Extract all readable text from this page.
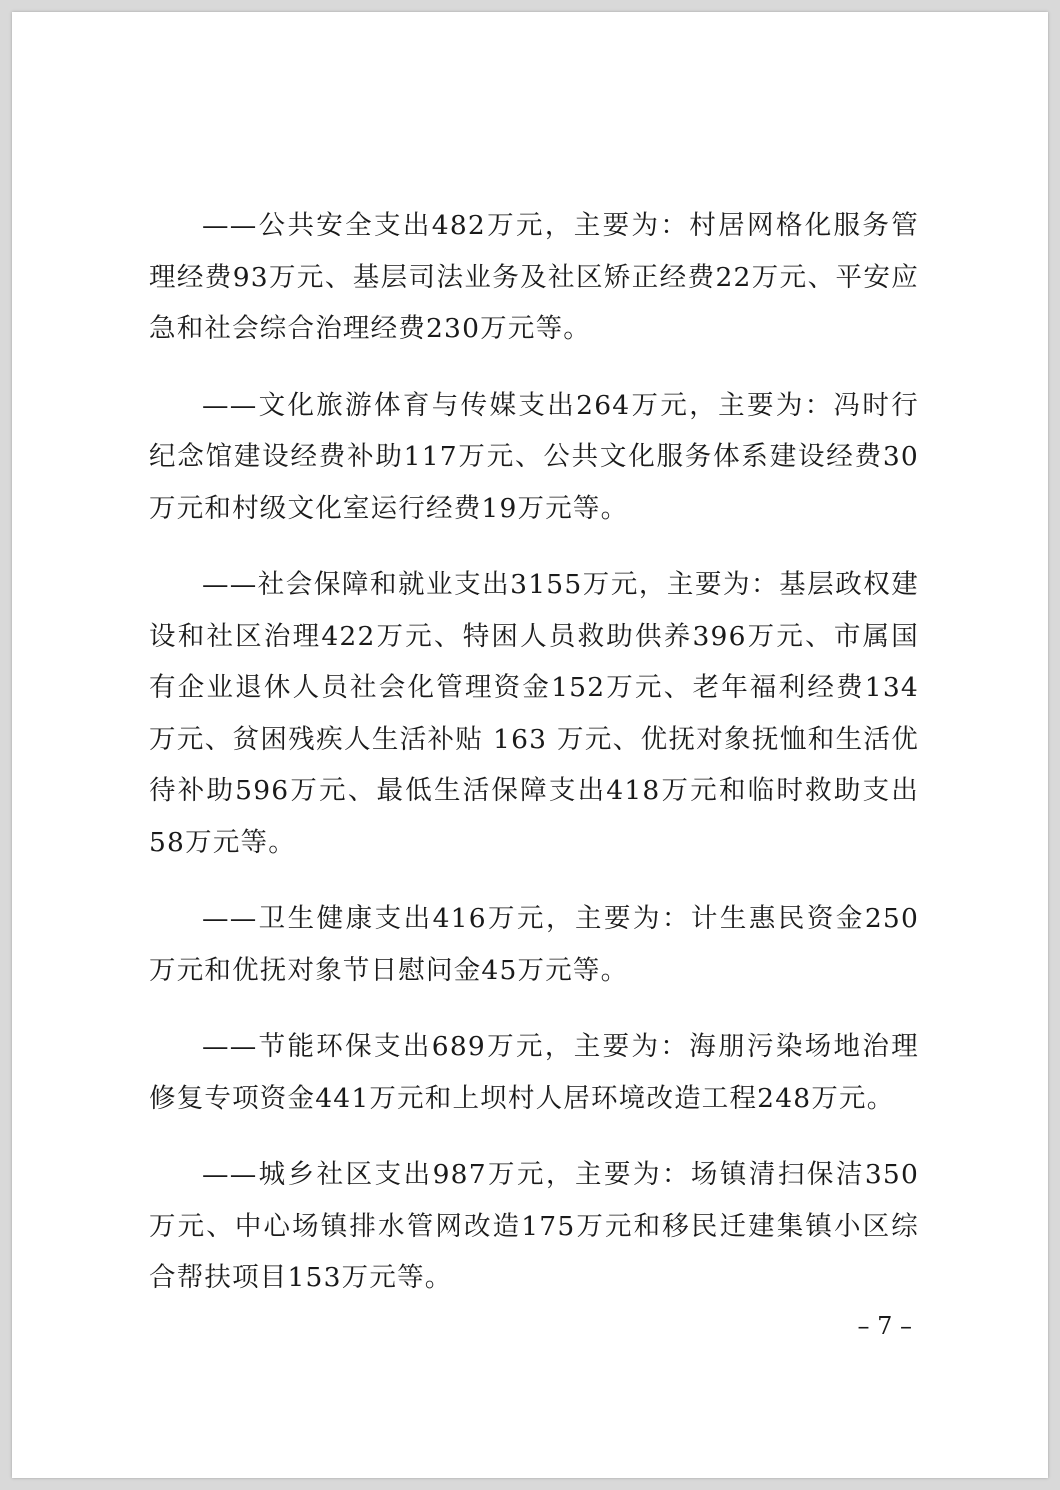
——公共安全支出482万元，主要为：村居网格化服务管理经费93万元、基层司法业务及社区矫正经费22万元、平安应急和社会综合治理经费230万元等。

——文化旅游体育与传媒支出264万元，主要为：冯时行纪念馆建设经费补助117万元、公共文化服务体系建设经费30万元和村级文化室运行经费19万元等。

——社会保障和就业支出3155万元，主要为：基层政权建设和社区治理422万元、特困人员救助供养396万元、市属国有企业退休人员社会化管理资金152万元、老年福利经费134万元、贫困残疾人生活补贴 163 万元、优抚对象抚恤和生活优待补助596万元、最低生活保障支出418万元和临时救助支出58万元等。

——卫生健康支出416万元，主要为：计生惠民资金250万元和优抚对象节日慰问金45万元等。

——节能环保支出689万元，主要为：海朋污染场地治理修复专项资金441万元和上坝村人居环境改造工程248万元。

——城乡社区支出987万元，主要为：场镇清扫保洁350万元、中心场镇排水管网改造175万元和移民迁建集镇小区综合帮扶项目153万元等。

– 7 –
